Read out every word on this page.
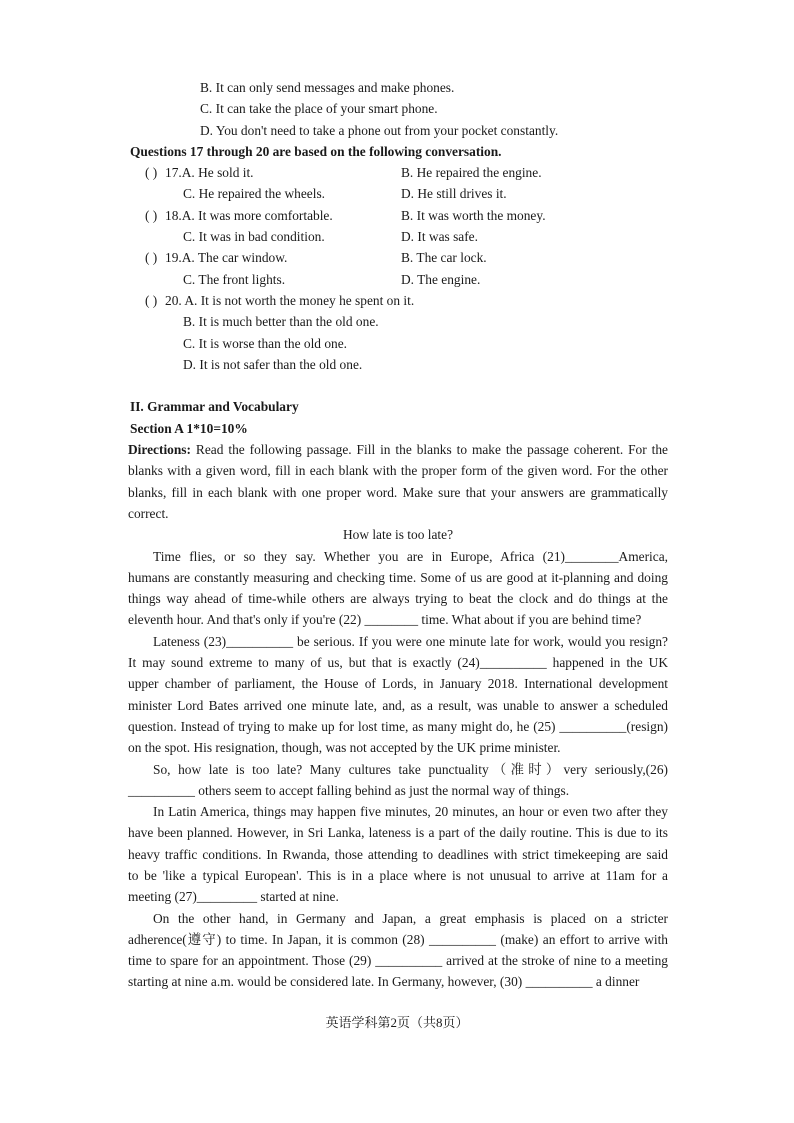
B. It can only send messages and make phones.
C. It can take the place of your smart phone.
D. You don't need to take a phone out from your pocket constantly.
Questions 17 through 20 are based on the following conversation.
( ) 17.A. He sold it.	B. He repaired the engine.
C. He repaired the wheels.	D. He still drives it.
( ) 18.A. It was more comfortable.	B. It was worth the money.
C. It was in bad condition.	D. It was safe.
( ) 19.A. The car window.	B. The car lock.
C. The front lights.	D. The engine.
( ) 20. A. It is not worth the money he spent on it.
B. It is much better than the old one.
C. It is worse than the old one.
D. It is not safer than the old one.
II. Grammar and Vocabulary
Section A 1*10=10%
Directions: Read the following passage. Fill in the blanks to make the passage coherent. For the
blanks with a given word, fill in each blank with the proper form of the given word. For the other
blanks, fill in each blank with one proper word. Make sure that your answers are grammatically
correct.
How late is too late?
Time flies, or so they say. Whether you are in Europe, Africa (21)________America,
humans are constantly measuring and checking time. Some of us are good at it-planning and doing
things way ahead of time-while others are always trying to beat the clock and do things at the
eleventh hour. And that's only if you're (22) ________ time. What about if you are behind time?
Lateness (23)__________ be serious. If you were one minute late for work, would you resign?
It may sound extreme to many of us, but that is exactly (24)__________ happened in the UK
upper chamber of parliament, the House of Lords, in January 2018. International development
minister Lord Bates arrived one minute late, and, as a result, was unable to answer a scheduled
question. Instead of trying to make up for lost time, as many might do, he (25) __________(resign)
on the spot. His resignation, though, was not accepted by the UK prime minister.
So, how late is too late? Many cultures take punctuality（准时）very seriously,(26)
__________ others seem to accept falling behind as just the normal way of things.
In Latin America, things may happen five minutes, 20 minutes, an hour or even two after they
have been planned. However, in Sri Lanka, lateness is a part of the daily routine. This is due to its
heavy traffic conditions. In Rwanda, those attending to deadlines with strict timekeeping are said
to be 'like a typical European'. This is in a place where is not unusual to arrive at 11am for a
meeting (27)_________ started at nine.
On the other hand, in Germany and Japan, a great emphasis is placed on a stricter
adherence(遵守) to time. In Japan, it is common (28) __________ (make) an effort to arrive with
time to spare for an appointment. Those (29) __________ arrived at the stroke of nine to a meeting
starting at nine a.m. would be considered late. In Germany, however, (30) __________ a dinner
英语学科第2页（共8页）
